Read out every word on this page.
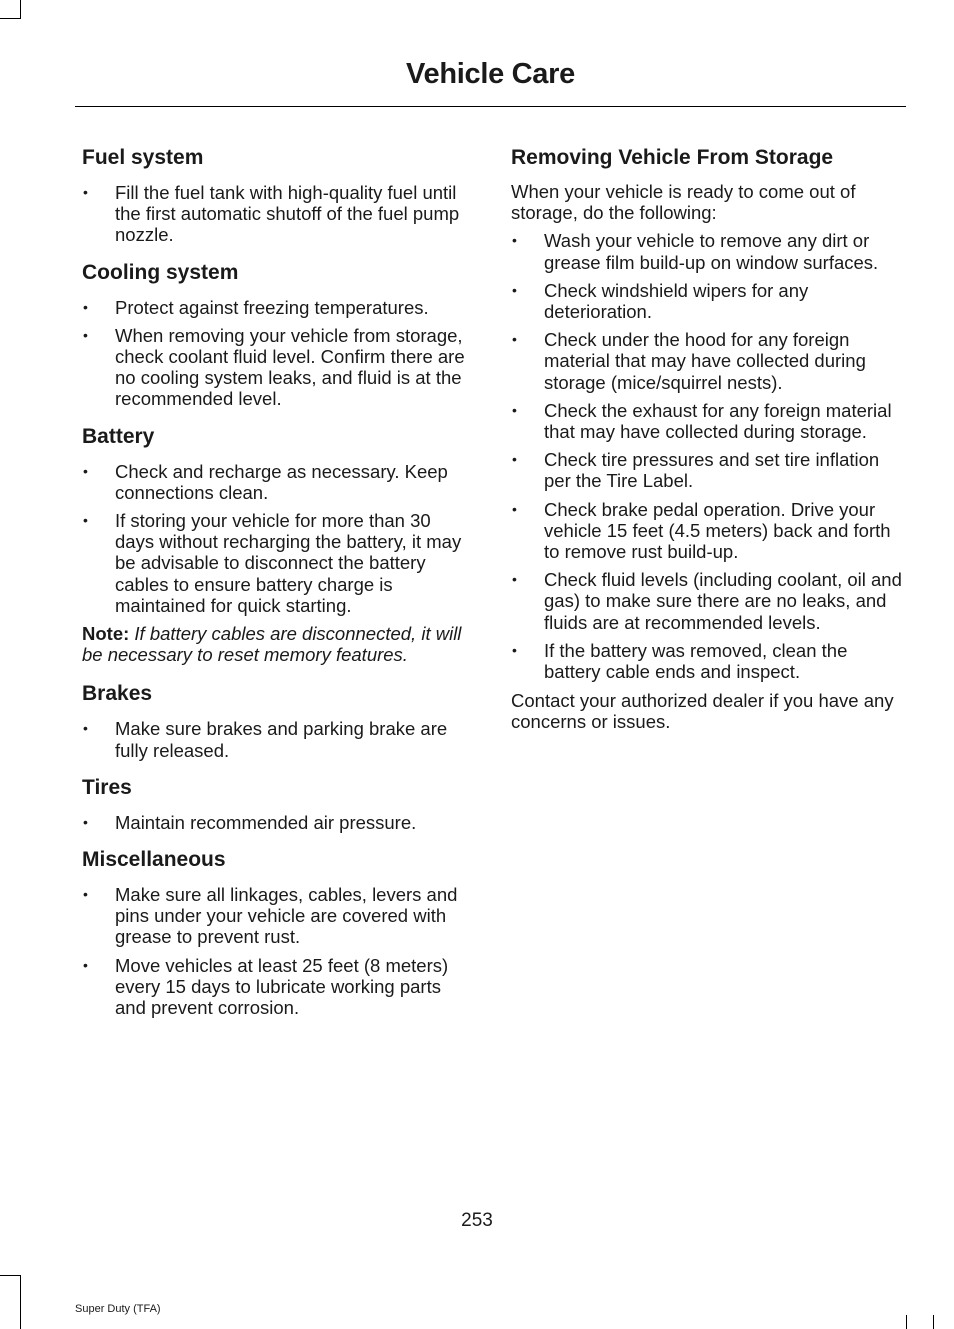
Vehicle Care
Fuel system
• Fill the fuel tank with high-quality fuel until the first automatic shutoff of the fuel pump nozzle.
Cooling system
• Protect against freezing temperatures.
• When removing your vehicle from storage, check coolant fluid level. Confirm there are no cooling system leaks, and fluid is at the recommended level.
Battery
• Check and recharge as necessary. Keep connections clean.
• If storing your vehicle for more than 30 days without recharging the battery, it may be advisable to disconnect the battery cables to ensure battery charge is maintained for quick starting.

Note: If battery cables are disconnected, it will be necessary to reset memory features.

Brakes
• Make sure brakes and parking brake are fully released.
Tires
• Maintain recommended air pressure.
Miscellaneous
• Make sure all linkages, cables, levers and pins under your vehicle are covered with grease to prevent rust.
• Move vehicles at least 25 feet (8 meters) every 15 days to lubricate working parts and prevent corrosion.
Removing Vehicle From Storage

When your vehicle is ready to come out of storage, do the following:

• Wash your vehicle to remove any dirt or grease film build-up on window surfaces.
• Check windshield wipers for any deterioration.
• Check under the hood for any foreign material that may have collected during storage (mice/squirrel nests).
• Check the exhaust for any foreign material that may have collected during storage.
• Check tire pressures and set tire inflation per the Tire Label.
• Check brake pedal operation. Drive your vehicle 15 feet (4.5 meters) back and forth to remove rust build-up.
• Check fluid levels (including coolant, oil and gas) to make sure there are no leaks, and fluids are at recommended levels.
• If the battery was removed, clean the battery cable ends and inspect.

Contact your authorized dealer if you have any concerns or issues.

253
Super Duty (TFA)
